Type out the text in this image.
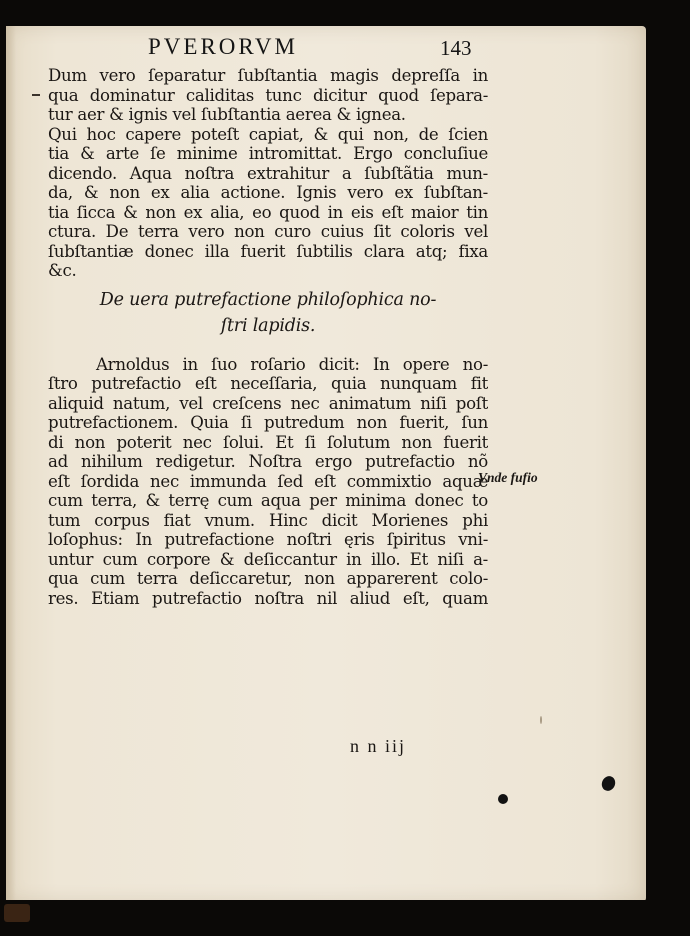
PVERORVM	143
Dum vero ſeparatur ſubſtantia magis depreſſa in
qua dominatur caliditas tunc dicitur quod ſepara-
tur aer & ignis vel ſubſtantia aerea & ignea.
Qui hoc capere poteſt capiat, & qui non, de ſcien
tia & arte ſe minime intromittat. Ergo concluſiue
dicendo. Aqua noſtra extrahitur a ſubſtãtia mun-
da, & non ex alia actione. Ignis vero ex ſubſtan-
tia ſicca & non ex alia, eo quod in eis eſt maior tin
ctura. De terra vero non curo cuius ſit coloris vel
ſubſtantiæ donec illa fuerit ſubtilis clara atq; fixa
&c.
De uera putrefactione philoſophica no-
ſtri lapidis.
Arnoldus in ſuo roſario dicit: In opere no-
ſtro putrefactio eſt neceſſaria, quia nunquam fit
aliquid natum, vel creſcens nec animatum niſi poſt
putrefactionem. Quia ſi putredum non fuerit, ſun
di non poterit nec ſolui. Et ſi ſolutum non fuerit
ad nihilum redigetur. Noſtra ergo putrefactio nõ
eſt ſordida nec immunda ſed eſt commixtio aquæ
cum terra, & terrę cum aqua per minima donec to
tum corpus fiat vnum. Hinc dicit Morienes phi
loſophus: In putrefactione noſtri ęris ſpiritus vni-
untur cum corpore & deſiccantur in illo. Et niſi a-
qua cum terra deſiccaretur, non apparerent colo-
res. Etiam putrefactio noſtra nil aliud eſt, quam
Vnde fufio
n n iij
